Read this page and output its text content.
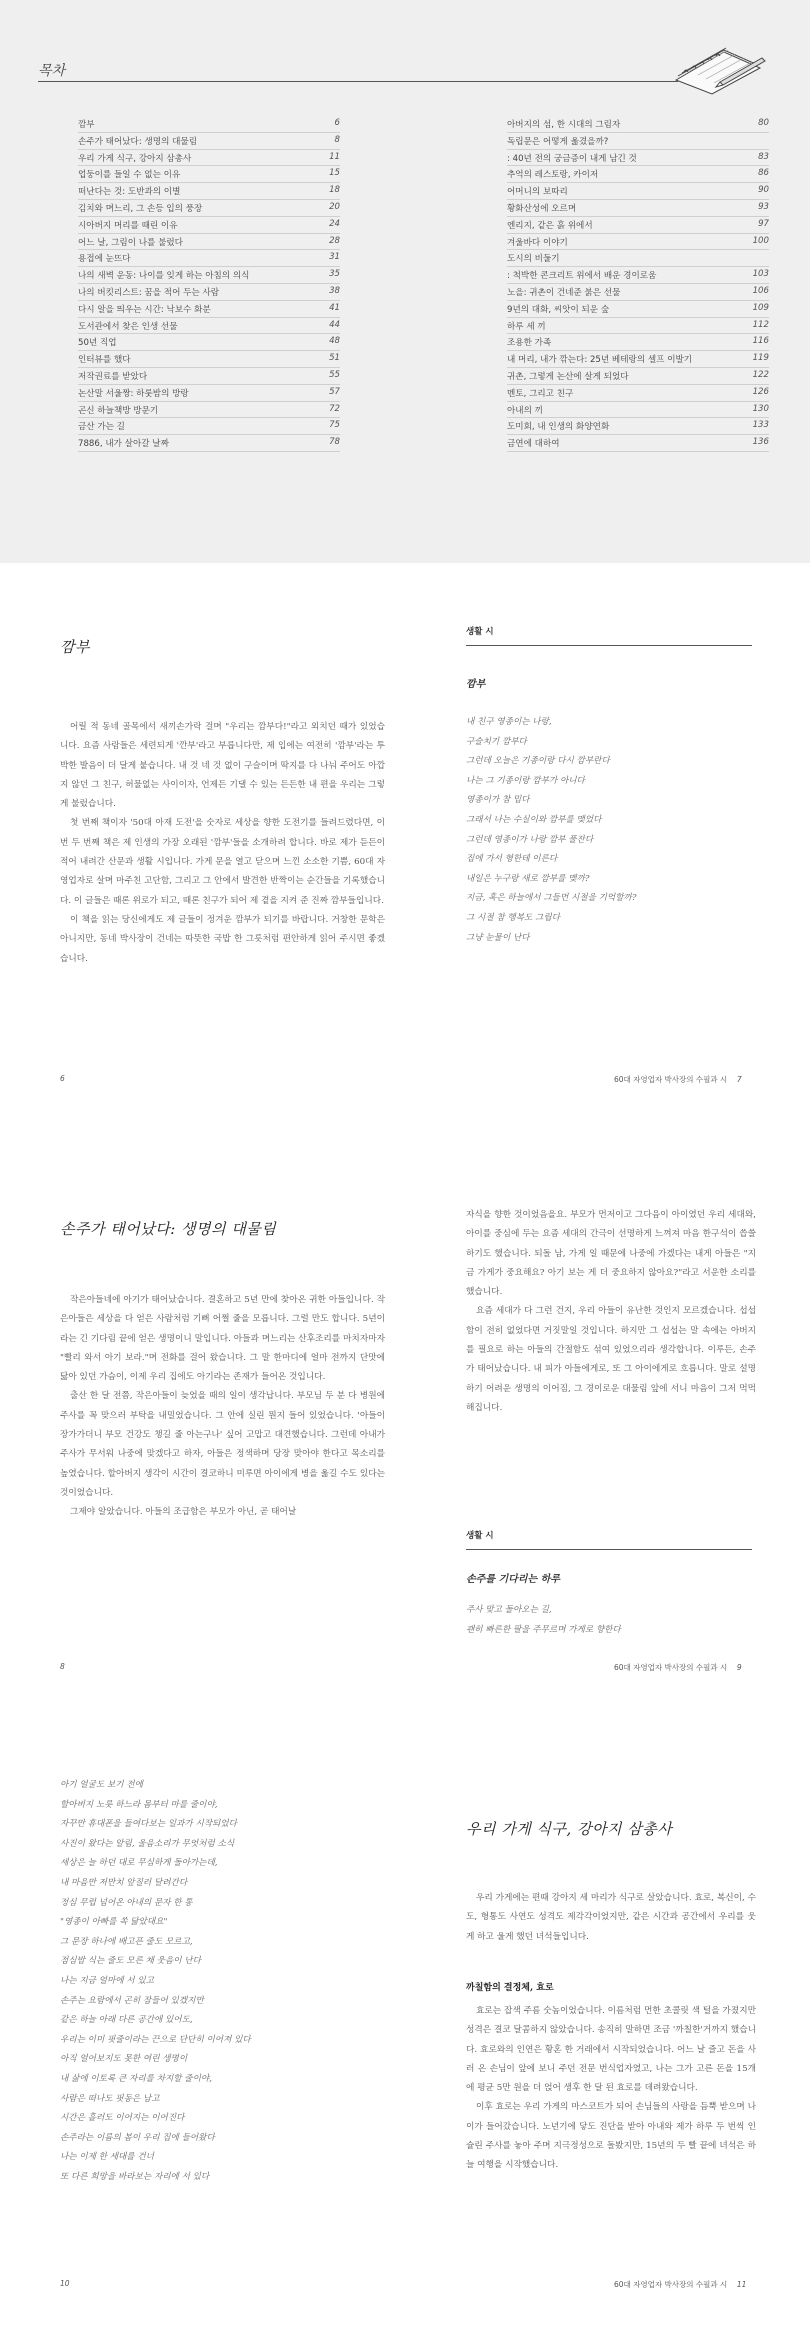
목차
깜부	6
손주가 태어났다: 생명의 대물림	8
우리 가게 식구, 강아지 삼총사	11
업둥이를 들일 수 없는 이유	15
떠난다는 것: 도반과의 이별	18
김치와 며느리, 그 손등 입의 풍장	20
시아버지 머리를 때린 이유	24
어느 날, 그림이 나를 불렀다	28
용접에 눈뜨다	31
나의 새벽 운동: 나이를 잊게 하는 아침의 의식	35
나의 버킷리스트: 꿈을 적어 두는 사람	38
다시 알을 띄우는 시간: 낙보수 화분	41
도서관에서 찾은 인생 선물	44
50년 직업	48
인터뷰를 했다	51
저작권료를 받았다	55
논산말 서울짱: 하룻밤의 방랑	57
곤신 하늘책방 방문기	72
금산 가는 길	75
7886, 내가 살아갈 날짜	78
아버지의 섬, 한 시대의 그림자	80
독립문은 어떻게 옮겼을까?
: 40년 전의 궁금증이 내게 남긴 것	83
추억의 레스토랑, 카이저	86
어머니의 보따리	90
황화산성에 오르며	93
엔리지, 같은 흙 위에서	97
겨울바다 이야기	100
도시의 비둘기
: 척박한 콘크리트 위에서 배운 경이로움	103
노을: 귀촌이 건네준 붉은 선물	106
9년의 대화, 씨앗이 되운 숲	109
하루 세 끼	112
조용한 가족	116
내 머리, 내가 깎는다: 25년 베테랑의 셀프 이발기	119
귀촌, 그렇게 논산에 살게 되었다	122
멘토, 그리고 친구	126
아내의 끼	130
도미회, 내 인생의 화양연화	133
금연에 대하여	136
깜부

어릴 적 동네 골목에서 새끼손가락 걸며 "우리는 깜부다!"라고 외치던 때가 있었습니다. 요즘 사람들은 세련되게 '깐부'라고 부릅니다만, 제 입에는 여전히 '깜부'라는 투박한 발음이 더 달게 붙습니다. 내 것 네 것 없이 구슬이며 딱지를 다 나눠 주어도 아깝지 않던 그 친구, 허물없는 사이이자, 언제든 기댈 수 있는 든든한 내 편을 우리는 그렇게 불렀습니다.

첫 번째 책이자 '50대 아재 도전'을 숫자로 세상을 향한 도전기를 들려드렸다면, 이번 두 번째 책은 제 인생의 가장 오래된 '깜부'들을 소개하려 합니다. 바로 제가 듣든이 적어 내려간 산문과 생활 시입니다. 가게 문을 열고 닫으며 느낀 소소한 기쁨, 60대 자영업자로 살며 마주친 고단함, 그리고 그 안에서 발견한 반짝이는 순간들을 기록했습니다. 이 글들은 때론 위로가 되고, 때론 친구가 되어 제 곁을 지켜 준 진짜 깜부들입니다.

이 책을 읽는 당신에게도 제 글들이 정겨운 깜부가 되기를 바랍니다. 거창한 문학은 아니지만, 동네 박사장이 건네는 따뜻한 국밥 한 그릇처럼 편안하게 읽어 주시면 좋겠습니다.

6
생활 시
깜부
내 친구 영종이는 나랑,
구슬치기 깜부다
그런데 오늘은 기종이랑 다시 깜부란다
나는 그 기종이랑 깜부가 아니다
영종이가 참 밉다
그래서 나는 수실이와 깜부를 맺었다
그런데 영종이가 나랑 깜부 풀잔다
집에 가서 형한테 이른다
내일은 누구랑 새로 깜부를 맺까?
지금, 혹은 하늘에서 그들먼 시절을 기억할까?
그 시절 참 행복도 그립다
그냥 눈물이 난다
60대 자영업자 박사장의 수필과 시 7
손주가 태어났다: 생명의 대물림

작은아들네에 아기가 태어났습니다. 결혼하고 5년 만에 찾아온 귀한 아들입니다. 작은아들은 세상을 다 얻은 사람처럼 기뻐 어쩔 줄을 모릅니다. 그럴 만도 합니다. 5년이라는 긴 기다림 끝에 얻은 생명이니 말입니다. 아들과 며느리는 산후조리를 마치자마자 "빨리 와서 아기 보라."며 전화를 걸어 왔습니다. 그 말 한마디에 얼마 전까지 단맛에 닳아 있던 가슴이, 이제 우리 집에도 아기라는 존재가 들어온 것입니다.

출산 한 달 전쯤, 작은아들이 늦었을 때의 일이 생각납니다. 부모님 두 분 다 병원에 주사를 꼭 맞으러 부탁을 내밀었습니다. 그 안에 실린 뭔지 들어 있었습니다. '아들이 장가가더니 부모 건강도 챙길 줄 아는구나' 싶어 고맙고 대견했습니다. 그런데 아내가 주사가 무서워 나중에 맞겠다고 하자, 아들은 정색하며 당장 맞아야 한다고 목소리를 높였습니다. 할아버지 생각이 시간이 결코하니 미루면 아이에게 병을 옮길 수도 있다는 것이었습니다.

그제야 알았습니다. 아들의 조급함은 부모가 아닌, 곧 태어날

8

자식을 향한 것이었음을요. 부모가 먼저이고 그다음이 아이였던 우리 세대와, 아이를 중심에 두는 요즘 세대의 간극이 선명하게 느껴져 마음 한구석이 씁쓸하기도 했습니다. 되돌 남, 가게 일 때문에 나중에 가겠다는 내게 아들은 "지금 가게가 중요해요? 아기 보는 게 더 중요하지 않아요?"라고 서운한 소리를 했습니다.

요즘 세대가 다 그런 건지, 우리 아들이 유난한 것인지 모르겠습니다. 섭섭함이 전히 없었다면 거짓말일 것입니다. 하지만 그 섭섭는 말 속에는 아버지를 필요로 하는 아들의 간절함도 섞여 있었으리라 생각합니다. 이루든, 손주가 태어났습니다. 내 피가 아들에게로, 또 그 아이에게로 흐릅니다. 말로 설명하기 어려운 생명의 이어짐, 그 경이로운 대물림 앞에 서니 마음이 그저 먹먹해집니다.

생활 시
손주를 기다리는 하루
주사 맞고 돌아오는 길,
괜히 빠른한 팔을 주무르며 가게로 향한다
60대 자영업자 박사장의 수필과 시 9
아기 얼굴도 보기 전에
할아버지 노릇 하느라 몸부터 마를 줄이야,
자꾸만 휴대폰을 들여다보는 일과가 시작되었다
사진이 왔다는 알림, 울음소리가 무엇처럼 소식
세상은 늘 하던 대로 무심하게 돌아가는데,
내 마음만 저만치 앞질러 달려간다
정심 무럽 넘어온 아내의 문자 한 통
"영종이 아빠를 쏙 닮았대요"
그 문장 하나에 배고픈 줄도 모르고,
점심밥 식는 줄도 모른 채 웃음이 난다
나는 지금 얼마에 서 있고
손주는 요람에서 곤히 잠들어 있겠지만
같은 하늘 아래 다른 공간에 있어도,
우리는 이미 핏줄이라는 끈으로 단단히 이어져 있다
아직 얼어보지도 못한 여린 생명이
내 삶에 이토록 큰 자리를 차지할 줄이야,
사람은 떠나도 핏동은 남고
시간은 흘러도 이어지는 이어진다
손주라는 이름의 봄이 우리 집에 들어왔다
나는 이제 한 세대를 건너
또 다른 희망을 바라보는 자리에 서 있다
10
우리 가게 식구, 강아지 삼총사

우리 가게에는 편때 강아지 세 마리가 식구로 살았습니다. 효로, 복신이, 수도, 형통도 사연도 성격도 제각각이었지만, 같은 시간과 공간에서 우리를 웃게 하고 울게 했던 녀석들입니다.

까칠함의 결정체, 효로

효로는 잡색 주름 숫놈이었습니다. 이름처럼 먼한 초콜릿 색 털을 가졌지만 성격은 결코 달콤하지 않았습니다. 송직히 말하면 조금 '까칠한'거까지 했습니다. 효로와의 인연은 황혼 한 거래에서 시작되었습니다. 어느 날 즐고 돈을 사러 온 손님이 앞에 보니 주던 전문 번식업자였고, 나는 그가 고른 돈을 15개에 평균 5만 원을 더 얹어 생후 한 달 된 효로를 데려왔습니다.

이후 효로는 우리 가게의 마스코트가 되어 손님들의 사랑을 듬뿍 받으며 나이가 들어갔습니다. 노년기에 닿도 진단을 받아 아내와 제가 하루 두 번씩 인슐린 주사를 놓아 주며 지극정성으로 돌봤지만, 15년의 두 빨 끝에 녀석은 하늘 여행을 시작했습니다.

60대 자영업자 박사장의 수필과 시 11
